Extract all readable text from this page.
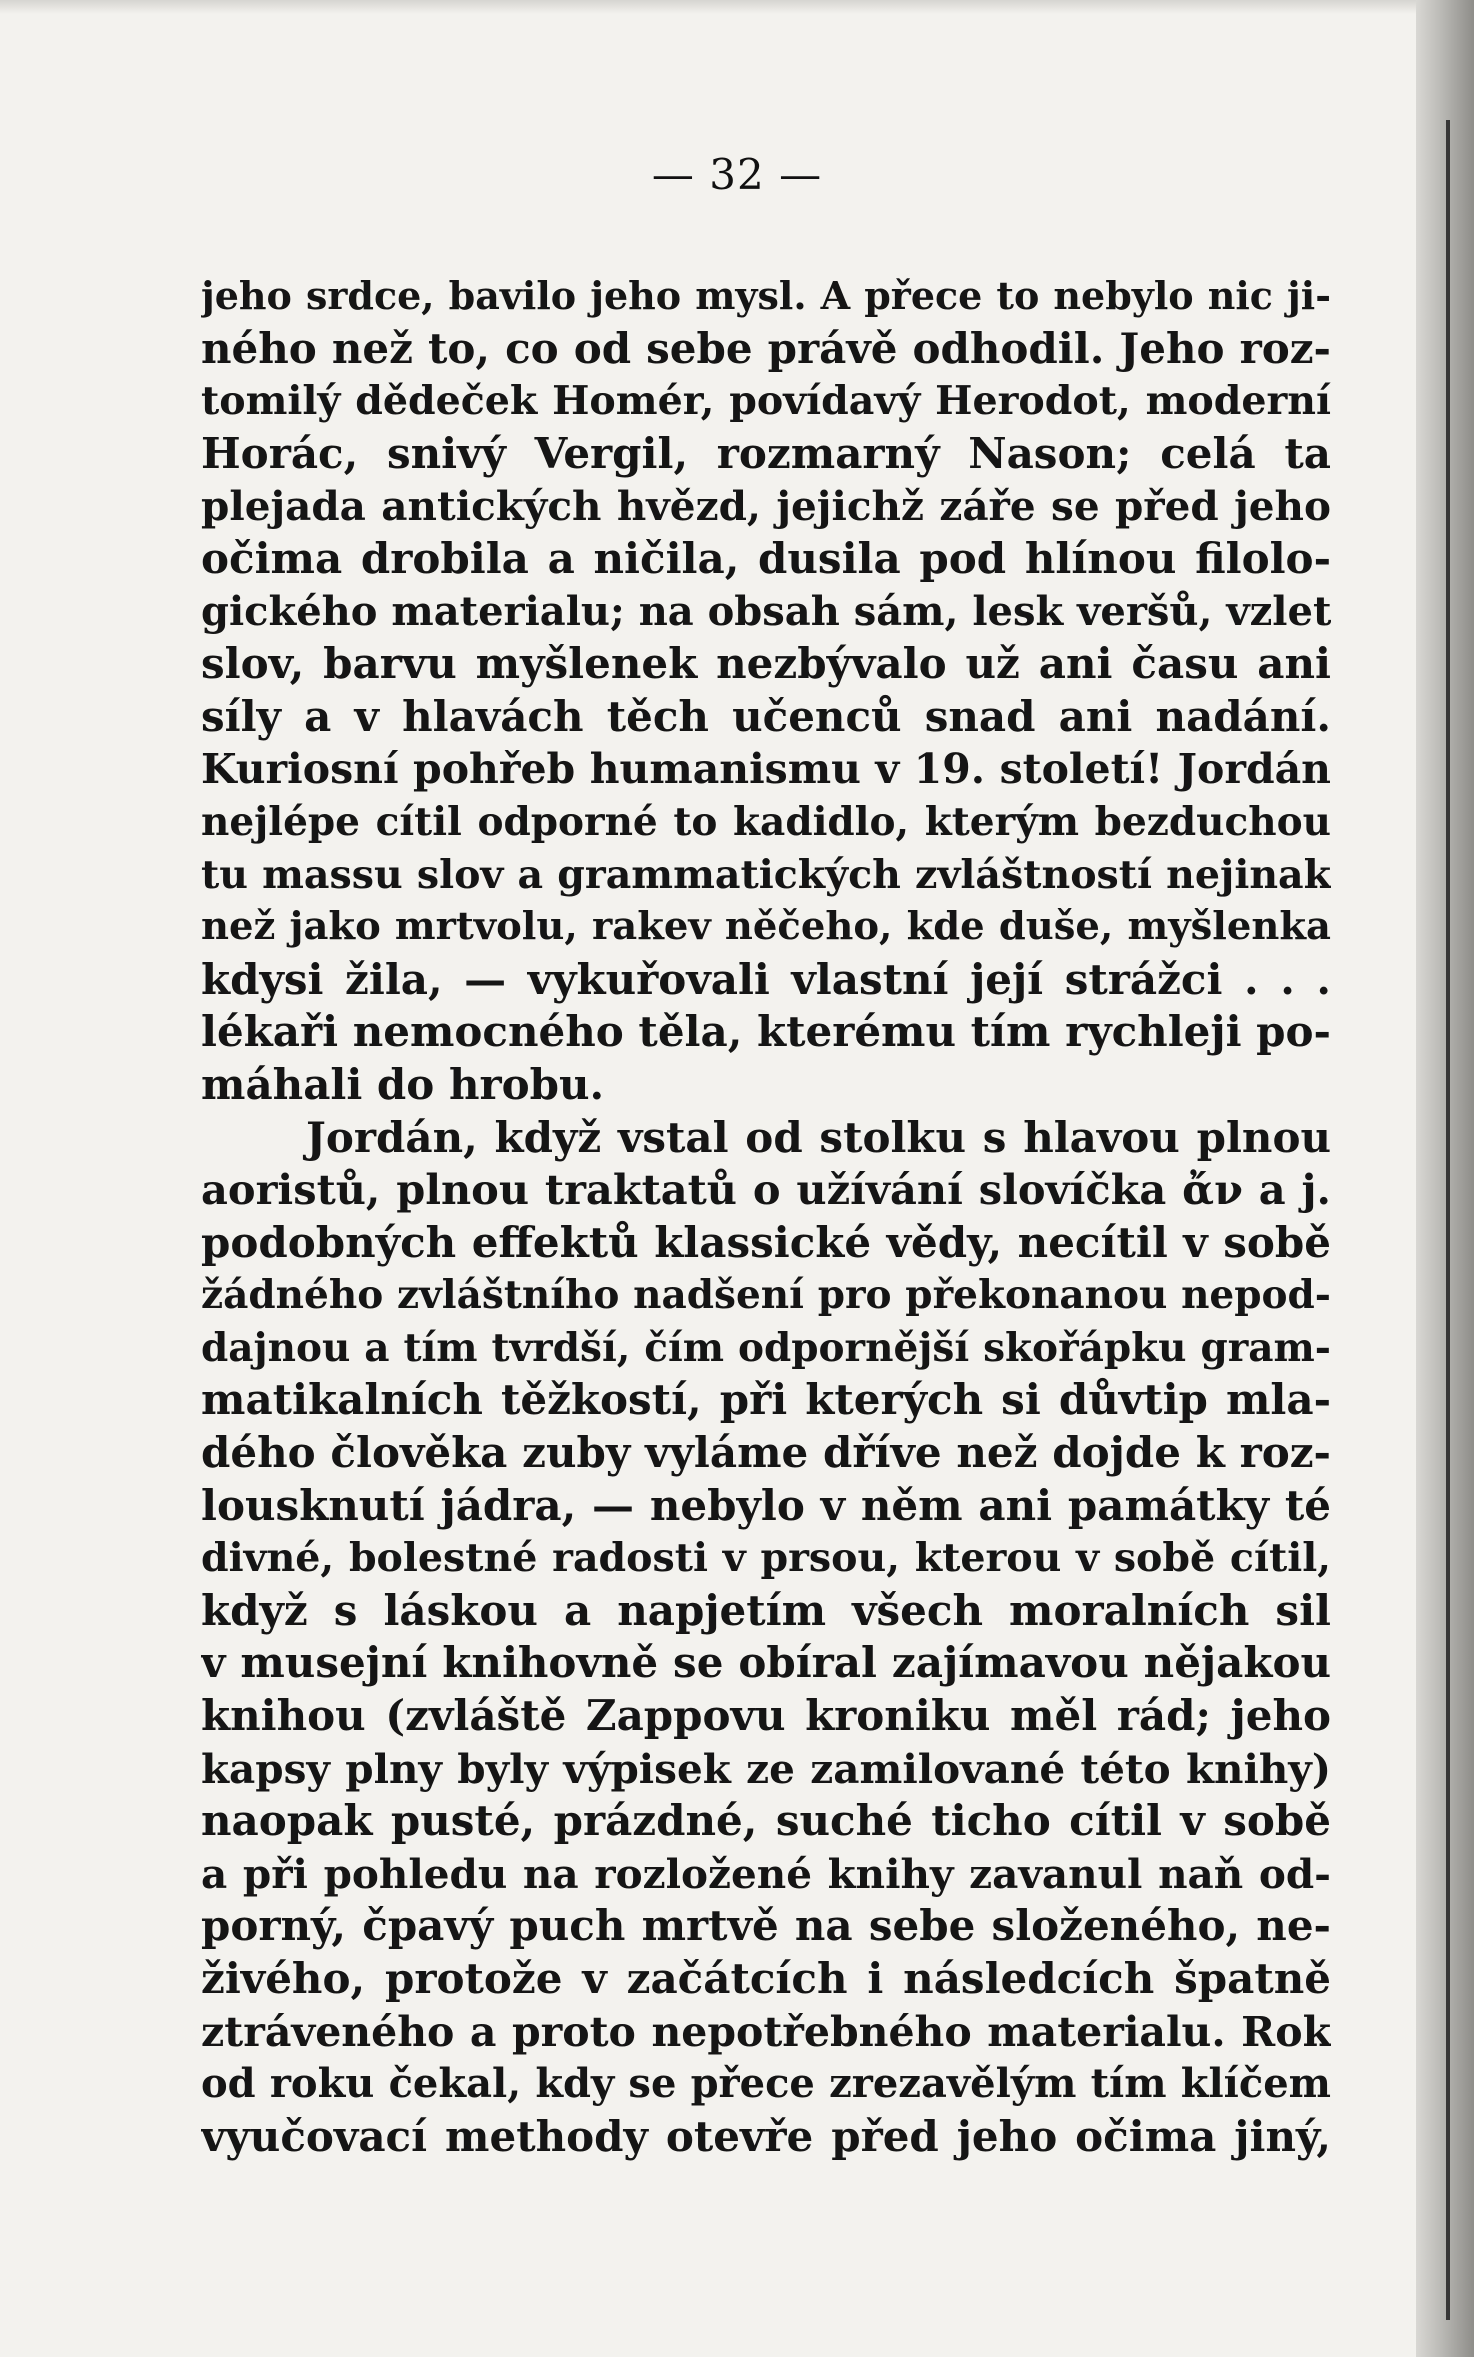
— 32 —
jeho srdce, bavilo jeho mysl. A přece to nebylo nic ji-
ného než to, co od sebe právě odhodil. Jeho roz-
tomilý dědeček Homér, povídavý Herodot, moderní
Horác, snivý Vergil, rozmarný Nason; celá ta
plejada antických hvězd, jejichž záře se před jeho
očima drobila a ničila, dusila pod hlínou filolo-
gického materialu; na obsah sám, lesk veršů, vzlet
slov, barvu myšlenek nezbývalo už ani času ani
síly a v hlavách těch učenců snad ani nadání.
Kuriosní pohřeb humanismu v 19. století! Jordán
nejlépe cítil odporné to kadidlo, kterým bezduchou
tu massu slov a grammatických zvláštností nejinak
než jako mrtvolu, rakev něčeho, kde duše, myšlenka
kdysi žila, — vykuřovali vlastní její strážci . . .
lékaři nemocného těla, kterému tím rychleji po-
máhali do hrobu.
Jordán, když vstal od stolku s hlavou plnou
aoristů, plnou traktatů o užívání slovíčka ἄν a j.
podobných effektů klassické vědy, necítil v sobě
žádného zvláštního nadšení pro překonanou nepod-
dajnou a tím tvrdší, čím odpornější skořápku gram-
matikalních těžkostí, při kterých si důvtip mla-
dého člověka zuby vyláme dříve než dojde k roz-
lousknutí jádra, — nebylo v něm ani památky té
divné, bolestné radosti v prsou, kterou v sobě cítil,
když s láskou a napjetím všech moralních sil
v musejní knihovně se obíral zajímavou nějakou
knihou (zvláště Zappovu kroniku měl rád; jeho
kapsy plny byly výpisek ze zamilované této knihy)
naopak pusté, prázdné, suché ticho cítil v sobě
a při pohledu na rozložené knihy zavanul naň od-
porný, čpavý puch mrtvě na sebe složeného, ne-
živého, protože v začátcích i následcích špatně
ztráveného a proto nepotřebného materialu. Rok
od roku čekal, kdy se přece zrezavělým tím klíčem
vyučovací methody otevře před jeho očima jiný,
